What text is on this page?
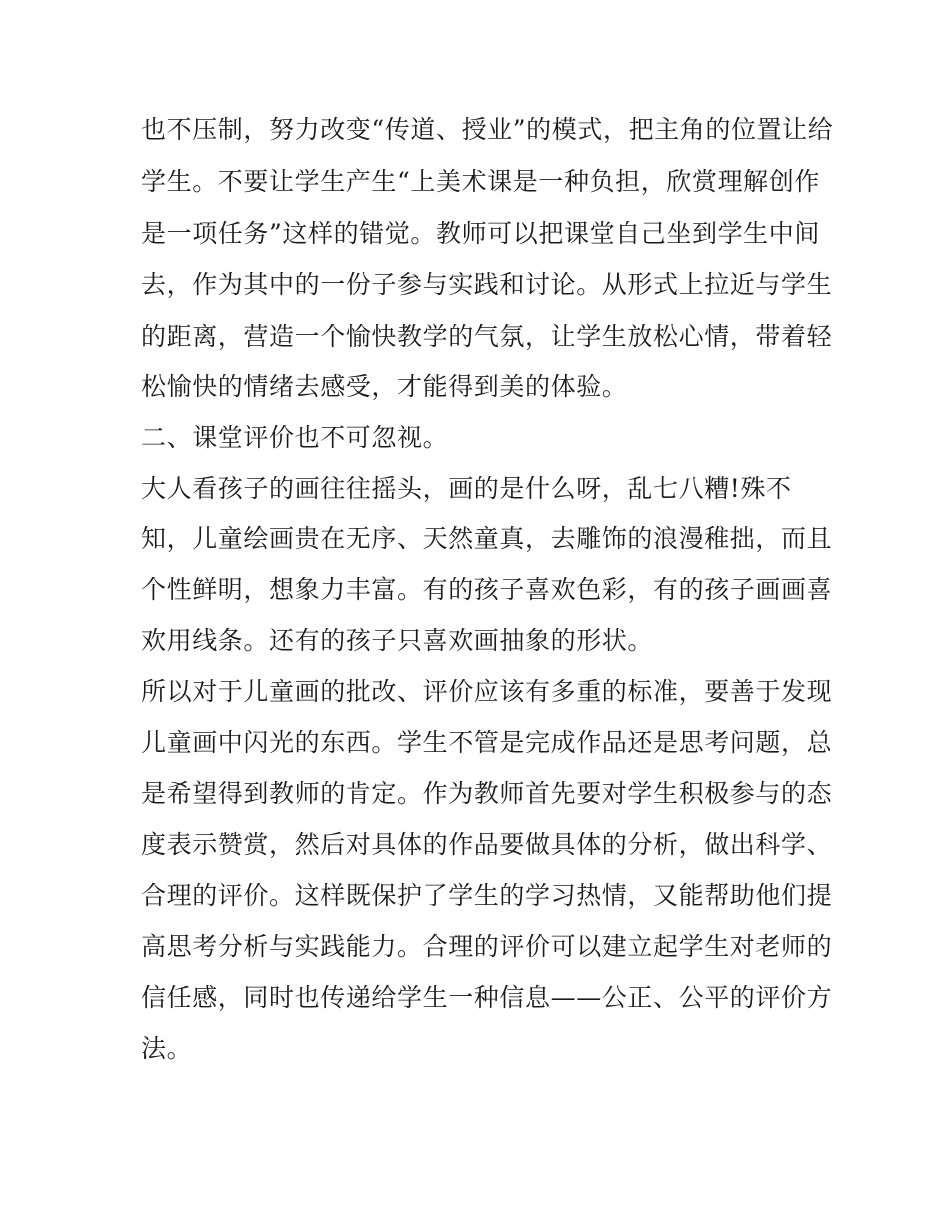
也不压制，努力改变“传道、授业”的模式，把主角的位置让给
学生。不要让学生产生“上美术课是一种负担，欣赏理解创作
是一项任务”这样的错觉。教师可以把课堂自己坐到学生中间
去，作为其中的一份子参与实践和讨论。从形式上拉近与学生
的距离，营造一个愉快教学的气氛，让学生放松心情，带着轻
松愉快的情绪去感受，才能得到美的体验。
二、课堂评价也不可忽视。
大人看孩子的画往往摇头，画的是什么呀，乱七八糟!殊不
知，儿童绘画贵在无序、天然童真，去雕饰的浪漫稚拙，而且
个性鲜明，想象力丰富。有的孩子喜欢色彩，有的孩子画画喜
欢用线条。还有的孩子只喜欢画抽象的形状。
所以对于儿童画的批改、评价应该有多重的标准，要善于发现
儿童画中闪光的东西。学生不管是完成作品还是思考问题，总
是希望得到教师的肯定。作为教师首先要对学生积极参与的态
度表示赞赏，然后对具体的作品要做具体的分析，做出科学、
合理的评价。这样既保护了学生的学习热情，又能帮助他们提
高思考分析与实践能力。合理的评价可以建立起学生对老师的
信任感，同时也传递给学生一种信息——公正、公平的评价方
法。
